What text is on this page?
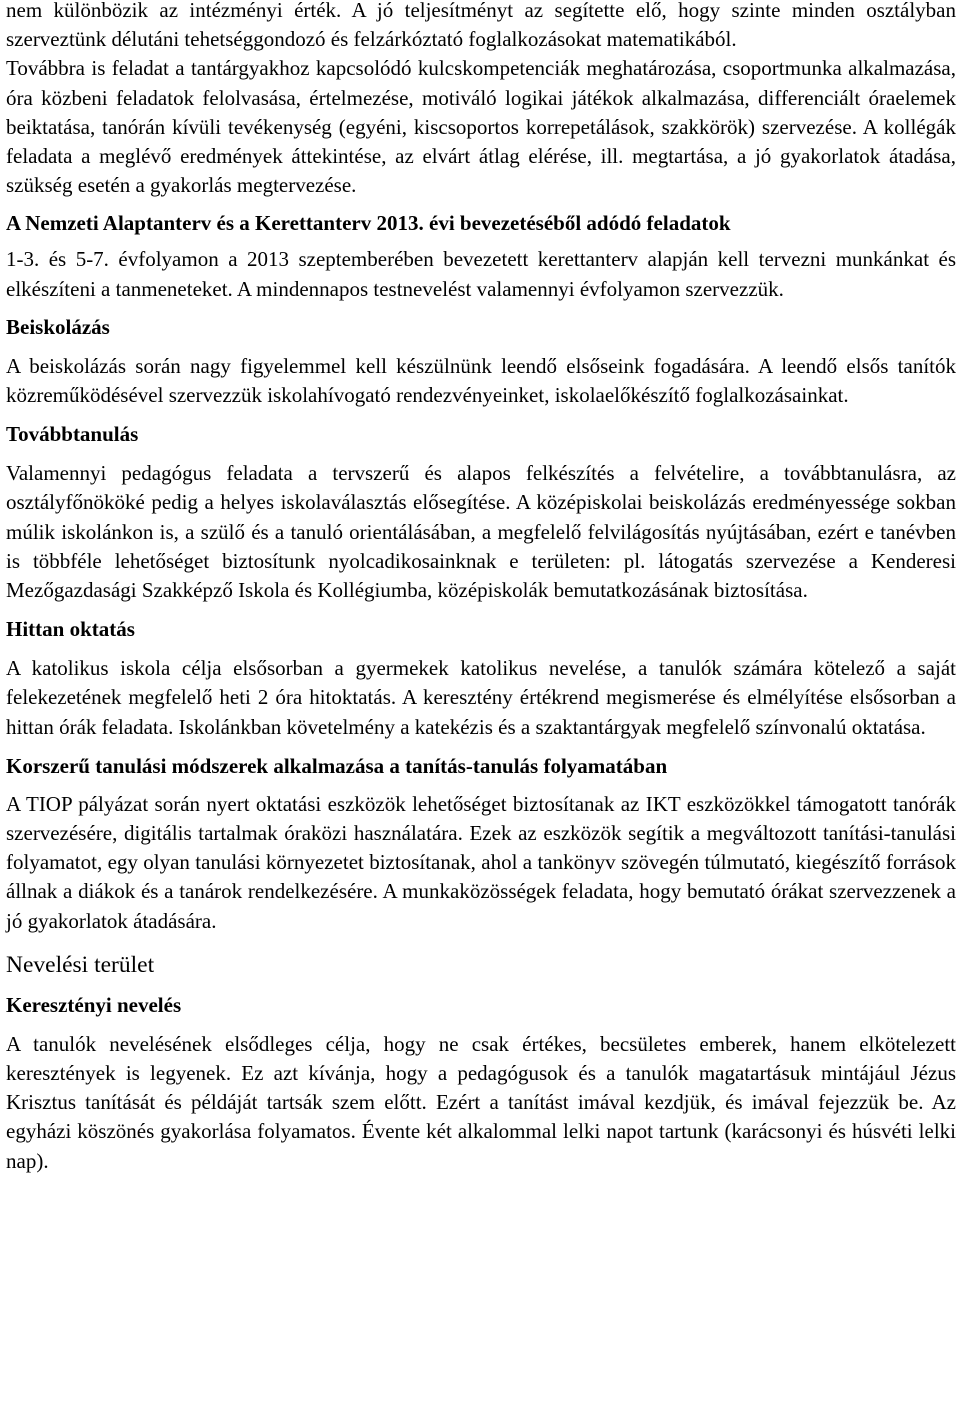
nem különbözik az intézményi érték. A jó teljesítményt az segítette elő, hogy szinte minden osztályban szerveztünk délutáni tehetséggondozó és felzárkóztató foglalkozásokat matematikából.

Továbbra is feladat a tantárgyakhoz kapcsolódó kulcskompetenciák meghatározása, csoportmunka alkalmazása, óra közbeni feladatok felolvasása, értelmezése, motiváló logikai játékok alkalmazása, differenciált óraelemek beiktatása, tanórán kívüli tevékenység (egyéni, kiscsoportos korrepetálások, szakkörök) szervezése. A kollégák feladata a meglévő eredmények áttekintése, az elvárt átlag elérése, ill. megtartása, a jó gyakorlatok átadása, szükség esetén a gyakorlás megtervezése.

A Nemzeti Alaptanterv és a Kerettanterv 2013. évi bevezetéséből adódó feladatok

1-3. és 5-7. évfolyamon a 2013 szeptemberében bevezetett kerettanterv alapján kell tervezni munkánkat és elkészíteni a tanmeneteket. A mindennapos testnevelést valamennyi évfolyamon szervezzük.

Beiskolázás

A beiskolázás során nagy figyelemmel kell készülnünk leendő elsőseink fogadására. A leendő elsős tanítók közreműködésével szervezzük iskolahívogató rendezvényeinket, iskolaelőkészítő foglalkozásainkat.

Továbbtanulás

Valamennyi pedagógus feladata a tervszerű és alapos felkészítés a felvételire, a továbbtanulásra, az osztályfőnököké pedig a helyes iskolaválasztás elősegítése. A középiskolai beiskolázás eredményessége sokban múlik iskolánkon is, a szülő és a tanuló orientálásában, a megfelelő felvilágosítás nyújtásában, ezért e tanévben is többféle lehetőséget biztosítunk nyolcadikosainknak e területen: pl. látogatás szervezése a Kenderesi Mezőgazdasági Szakképző Iskola és Kollégiumba, középiskolák bemutatkozásának biztosítása.

Hittan oktatás

A katolikus iskola célja elsősorban a gyermekek katolikus nevelése, a tanulók számára kötelező a saját felekezetének megfelelő heti 2 óra hitoktatás. A keresztény értékrend megismerése és elmélyítése elsősorban a hittan órák feladata. Iskolánkban követelmény a katekézis és a szaktantárgyak megfelelő színvonalú oktatása.

Korszerű tanulási módszerek alkalmazása a tanítás-tanulás folyamatában

A TIOP pályázat során nyert oktatási eszközök lehetőséget biztosítanak az IKT eszközökkel támogatott tanórák szervezésére, digitális tartalmak óraközi használatára. Ezek az eszközök segítik a megváltozott tanítási-tanulási folyamatot, egy olyan tanulási környezetet biztosítanak, ahol a tankönyv szövegén túlmutató, kiegészítő források állnak a diákok és a tanárok rendelkezésére. A munkaközösségek feladata, hogy bemutató órákat szervezzenek a jó gyakorlatok átadására.

Nevelési terület
Keresztényi nevelés

A tanulók nevelésének elsődleges célja, hogy ne csak értékes, becsületes emberek, hanem elkötelezett keresztények is legyenek. Ez azt kívánja, hogy a pedagógusok és a tanulók magatartásuk mintájául Jézus Krisztus tanítását és példáját tartsák szem előtt. Ezért a tanítást imával kezdjük, és imával fejezzük be. Az egyházi köszönés gyakorlása folyamatos. Évente két alkalommal lelki napot tartunk (karácsonyi és húsvéti lelki nap).
